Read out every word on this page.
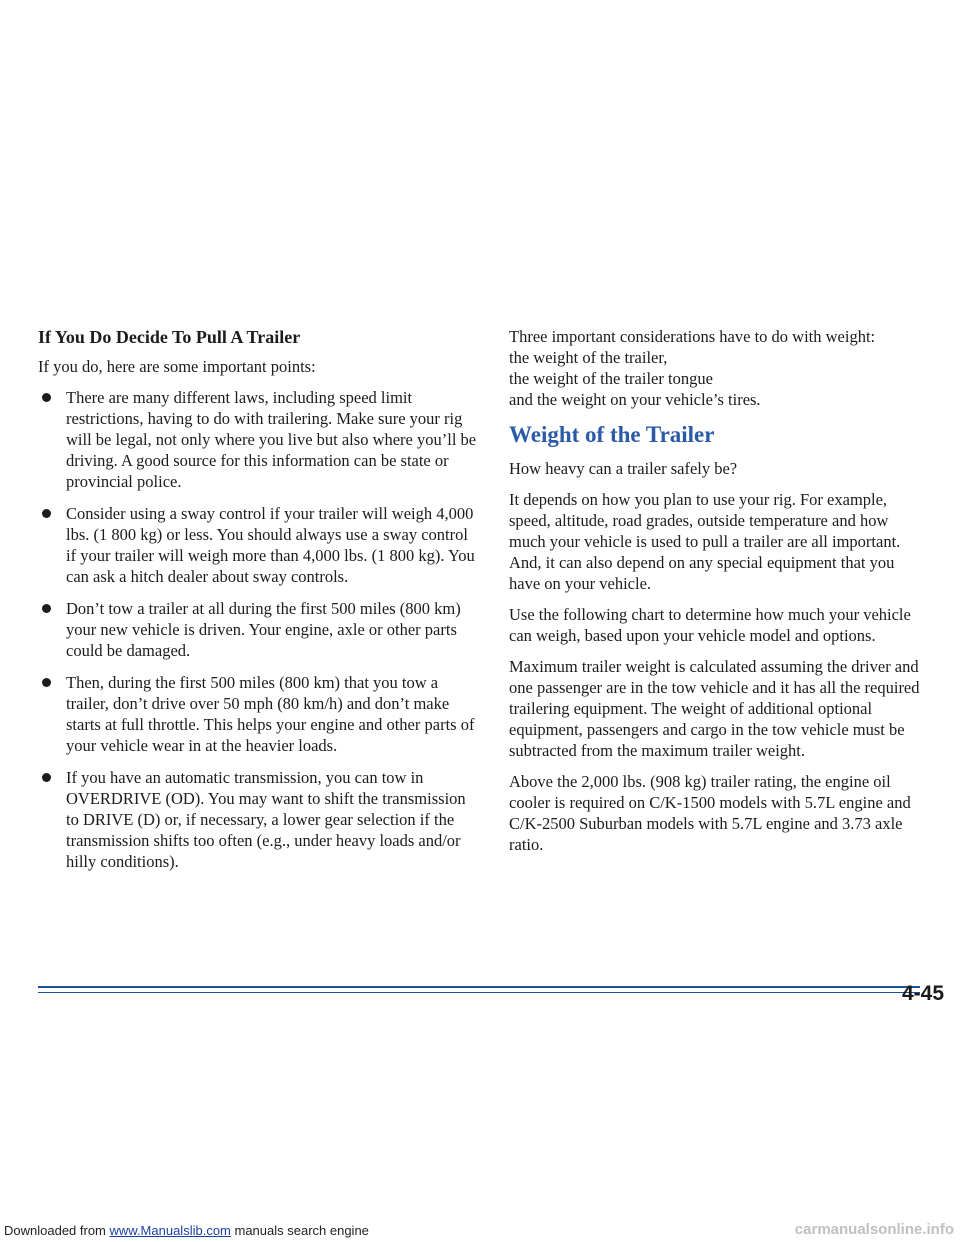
If You Do Decide To Pull A Trailer

If you do, here are some important points:

There are many different laws, including speed limit restrictions, having to do with trailering. Make sure your rig will be legal, not only where you live but also where you’ll be driving. A good source for this information can be state or provincial police.
Consider using a sway control if your trailer will weigh 4,000 lbs. (1 800 kg) or less. You should always use a sway control if your trailer will weigh more than 4,000 lbs. (1 800 kg). You can ask a hitch dealer about sway controls.
Don’t tow a trailer at all during the first 500 miles (800 km) your new vehicle is driven. Your engine, axle or other parts could be damaged.
Then, during the first 500 miles (800 km) that you tow a trailer, don’t drive over 50 mph (80 km/h) and don’t make starts at full throttle. This helps your engine and other parts of your vehicle wear in at the heavier loads.
If you have an automatic transmission, you can tow in OVERDRIVE (OD). You may want to shift the transmission to DRIVE (D) or, if necessary, a lower gear selection if the transmission shifts too often (e.g., under heavy loads and/or hilly conditions).

Three important considerations have to do with weight:

the weight of the trailer,

the weight of the trailer tongue

and the weight on your vehicle’s tires.

Weight of the Trailer

How heavy can a trailer safely be?

It depends on how you plan to use your rig. For example, speed, altitude, road grades, outside temperature and how much your vehicle is used to pull a trailer are all important. And, it can also depend on any special equipment that you have on your vehicle.

Use the following chart to determine how much your vehicle can weigh, based upon your vehicle model and options.

Maximum trailer weight is calculated assuming the driver and one passenger are in the tow vehicle and it has all the required trailering equipment. The weight of additional optional equipment, passengers and cargo in the tow vehicle must be subtracted from the maximum trailer weight.

Above the 2,000 lbs. (908 kg) trailer rating, the engine oil cooler is required on C/K-1500 models with 5.7L engine and C/K-2500 Suburban models with 5.7L engine and 3.73 axle ratio.

4-45
Downloaded from www.Manualslib.com manuals search engine	carmanualsonline.info
